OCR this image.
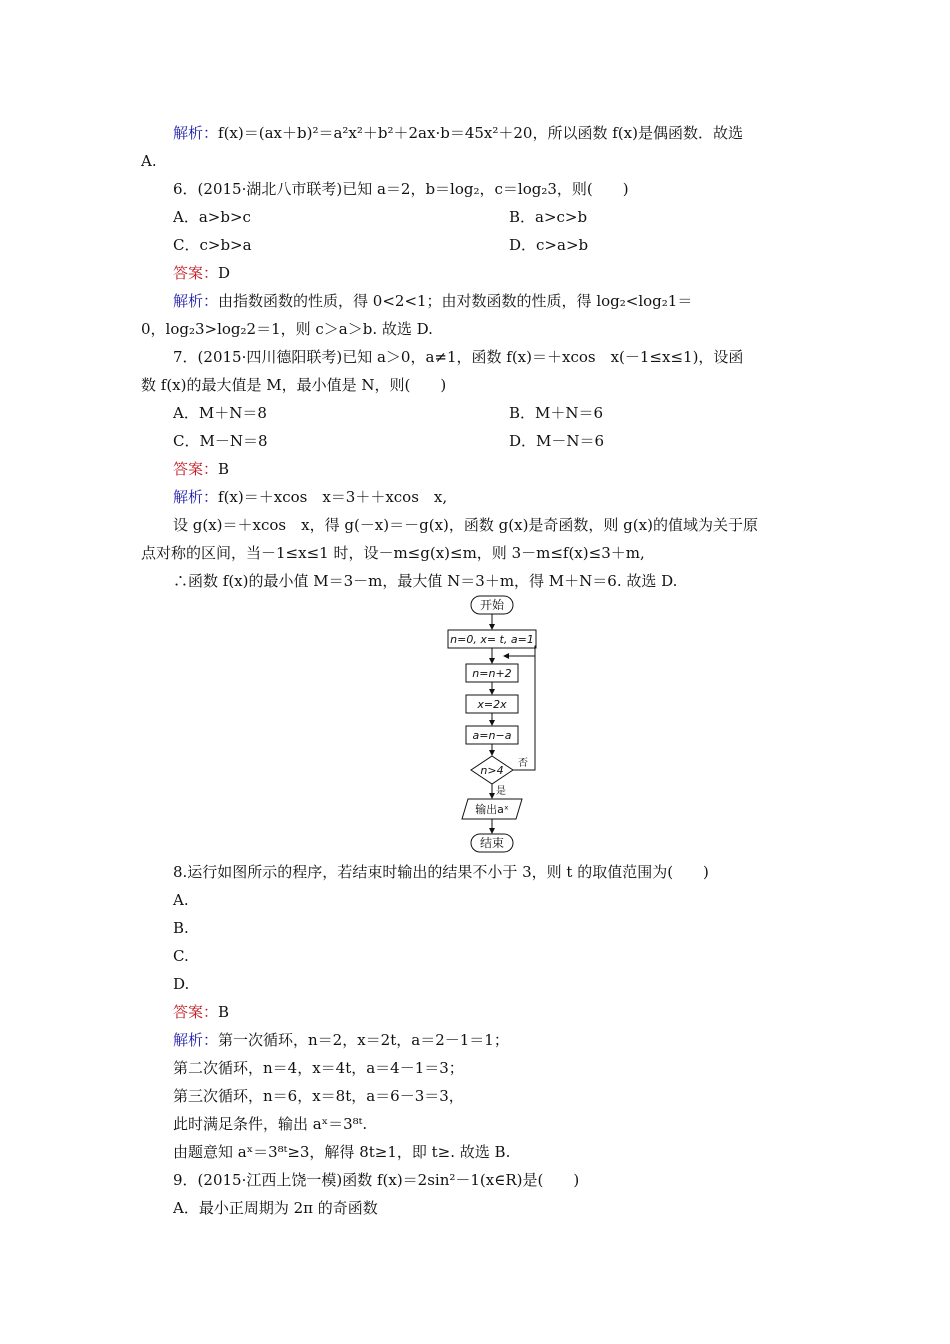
解析：f(x)＝(ax＋b)²＝a²x²＋b²＋2ax·b＝45x²＋20，所以函数 f(x)是偶函数．故选
A.
6．(2015·湖北八市联考)已知 a＝2，b＝log₂，c＝log₂3，则(　　)
A．a>b>c	B．a>c>b
C．c>b>a	D．c>a>b
答案：D
解析：由指数函数的性质，得 0<2<1；由对数函数的性质，得 log₂<log₂1＝
0，log₂3>log₂2＝1，则 c＞a＞b. 故选 D.
7．(2015·四川德阳联考)已知 a＞0，a≠1，函数 f(x)＝＋xcos　x(－1≤x≤1)，设函
数 f(x)的最大值是 M，最小值是 N，则(　　)
A．M＋N＝8	B．M＋N＝6
C．M－N＝8	D．M－N＝6
答案：B
解析：f(x)＝＋xcos　x＝3＋＋xcos　x,
设 g(x)＝＋xcos　x，得 g(－x)＝－g(x)，函数 g(x)是奇函数，则 g(x)的值域为关于原
点对称的区间，当－1≤x≤1 时，设－m≤g(x)≤m，则 3－m≤f(x)≤3＋m,
∴函数 f(x)的最小值 M＝3－m，最大值 N＝3＋m，得 M＋N＝6. 故选 D.
开始
n=0, x= t, a=1
n=n+2
x=2x
a=n−a
n>4
否
是
输出aˣ
结束
8.运行如图所示的程序，若结束时输出的结果不小于 3，则 t 的取值范围为(　　)
A.
B.
C.
D.
答案：B
解析：第一次循环，n＝2，x＝2t，a＝2－1＝1；
第二次循环，n＝4，x＝4t，a＝4－1＝3；
第三次循环，n＝6，x＝8t，a＝6－3＝3，
此时满足条件，输出 aˣ＝3⁸ᵗ.
由题意知 aˣ＝3⁸ᵗ≥3，解得 8t≥1，即 t≥. 故选 B.
9．(2015·江西上饶一模)函数 f(x)＝2sin²－1(x∈R)是(　　)
A．最小正周期为 2π 的奇函数
